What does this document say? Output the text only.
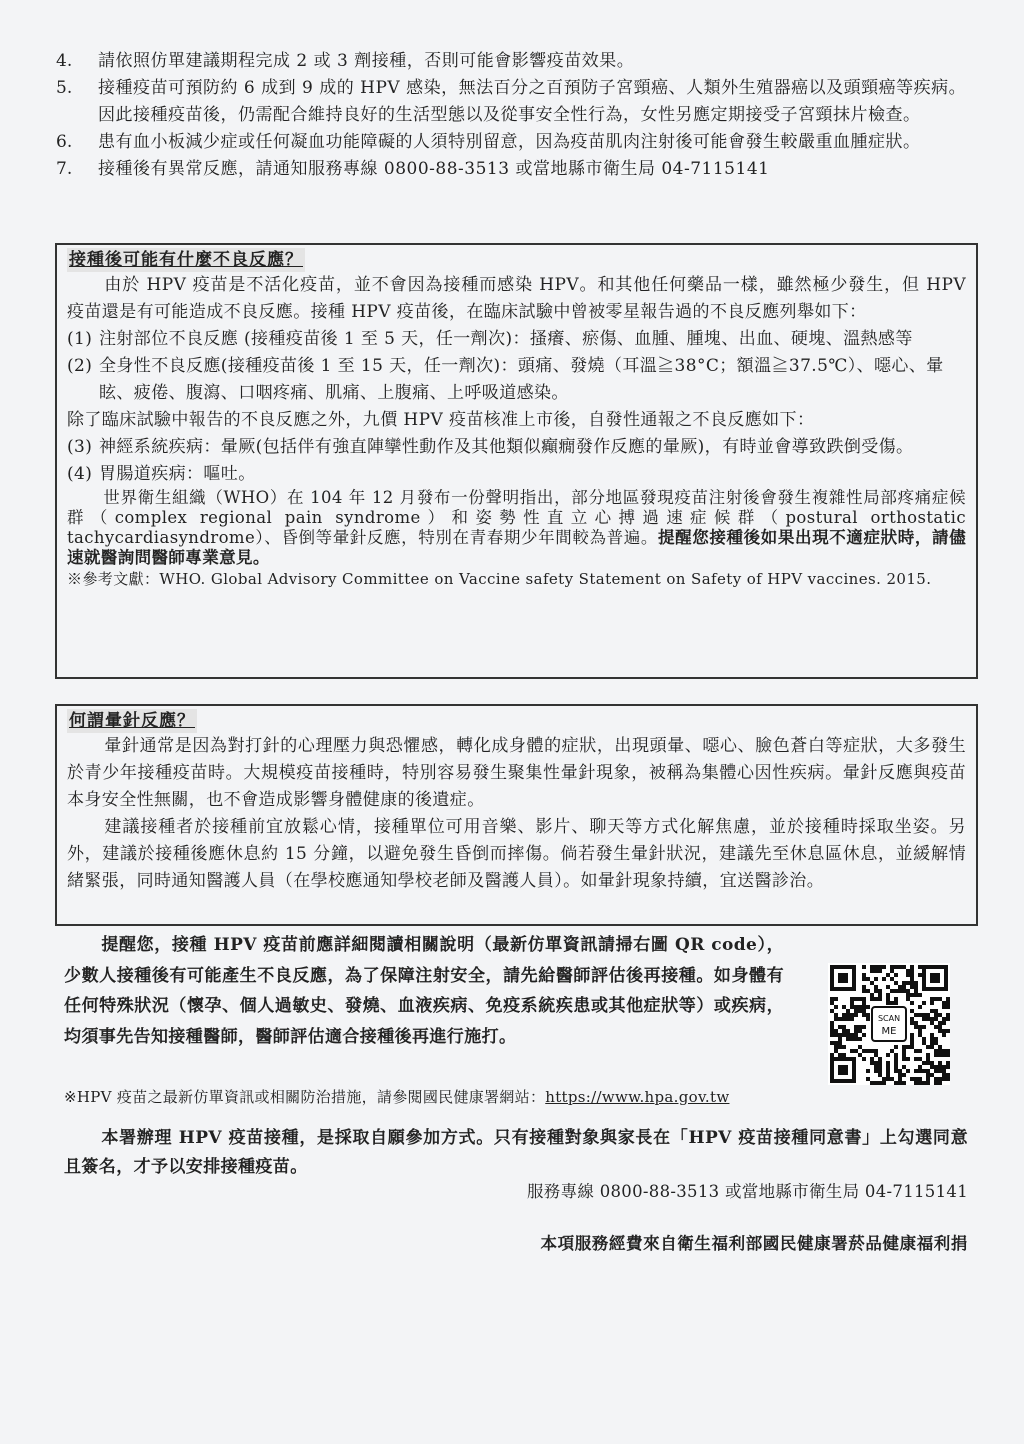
4.	請依照仿單建議期程完成 2 或 3 劑接種，否則可能會影響疫苗效果。
5.	接種疫苗可預防約 6 成到 9 成的 HPV 感染，無法百分之百預防子宮頸癌、人類外生殖器癌以及頭頸癌等疾病。因此接種疫苗後，仍需配合維持良好的生活型態以及從事安全性行為，女性另應定期接受子宮頸抹片檢查。
6.	患有血小板減少症或任何凝血功能障礙的人須特別留意，因為疫苗肌肉注射後可能會發生較嚴重血腫症狀。
7.	接種後有異常反應，請通知服務專線 0800-88-3513 或當地縣市衛生局 04-7115141
接種後可能有什麼不良反應？

由於 HPV 疫苗是不活化疫苗，並不會因為接種而感染 HPV。和其他任何藥品一樣，雖然極少發生，但 HPV 疫苗還是有可能造成不良反應。接種 HPV 疫苗後，在臨床試驗中曾被零星報告過的不良反應列舉如下：

(1) 注射部位不良反應 (接種疫苗後 1 至 5 天，任一劑次)：搔癢、瘀傷、血腫、腫塊、出血、硬塊、溫熱感等
(2) 全身性不良反應(接種疫苗後 1 至 15 天，任一劑次)：頭痛、發燒（耳溫≧38°C；額溫≧37.5℃）、噁心、暈眩、疲倦、腹瀉、口咽疼痛、肌痛、上腹痛、上呼吸道感染。

除了臨床試驗中報告的不良反應之外，九價 HPV 疫苗核准上市後，自發性通報之不良反應如下：

(3) 神經系統疾病：暈厥(包括伴有強直陣攣性動作及其他類似癲癇發作反應的暈厥)，有時並會導致跌倒受傷。
(4) 胃腸道疾病：嘔吐。

世界衛生組織（WHO）在 104 年 12 月發布一份聲明指出，部分地區發現疫苗注射後會發生複雜性局部疼痛症候群（complex regional pain syndrome）和姿勢性直立心搏過速症候群（postural orthostatic tachycardiasyndrome）、昏倒等暈針反應，特別在青春期少年間較為普遍。提醒您接種後如果出現不適症狀時，請儘速就醫詢問醫師專業意見。

※參考文獻：WHO. Global Advisory Committee on Vaccine safety Statement on Safety of HPV vaccines. 2015.

何謂暈針反應？

暈針通常是因為對打針的心理壓力與恐懼感，轉化成身體的症狀，出現頭暈、噁心、臉色蒼白等症狀，大多發生於青少年接種疫苗時。大規模疫苗接種時，特別容易發生聚集性暈針現象，被稱為集體心因性疾病。暈針反應與疫苗本身安全性無關，也不會造成影響身體健康的後遺症。

建議接種者於接種前宜放鬆心情，接種單位可用音樂、影片、聊天等方式化解焦慮，並於接種時採取坐姿。另外，建議於接種後應休息約 15 分鐘，以避免發生昏倒而摔傷。倘若發生暈針狀況，建議先至休息區休息，並緩解情緒緊張，同時通知醫護人員（在學校應通知學校老師及醫護人員）。如暈針現象持續，宜送醫診治。

提醒您，接種 HPV 疫苗前應詳細閱讀相關說明（最新仿單資訊請掃右圖 QR code），少數人接種後有可能產生不良反應，為了保障注射安全，請先給醫師評估後再接種。如身體有任何特殊狀況（懷孕、個人過敏史、發燒、血液疾病、免疫系統疾患或其他症狀等）或疾病，均須事先告知接種醫師，醫師評估適合接種後再進行施打。

SCAN
ME
※HPV 疫苗之最新仿單資訊或相關防治措施，請參閱國民健康署網站：https://www.hpa.gov.tw

本署辦理 HPV 疫苗接種，是採取自願參加方式。只有接種對象與家長在「HPV 疫苗接種同意書」上勾選同意且簽名，才予以安排接種疫苗。

服務專線 0800-88-3513 或當地縣市衛生局 04-7115141
本項服務經費來自衛生福利部國民健康署菸品健康福利捐
